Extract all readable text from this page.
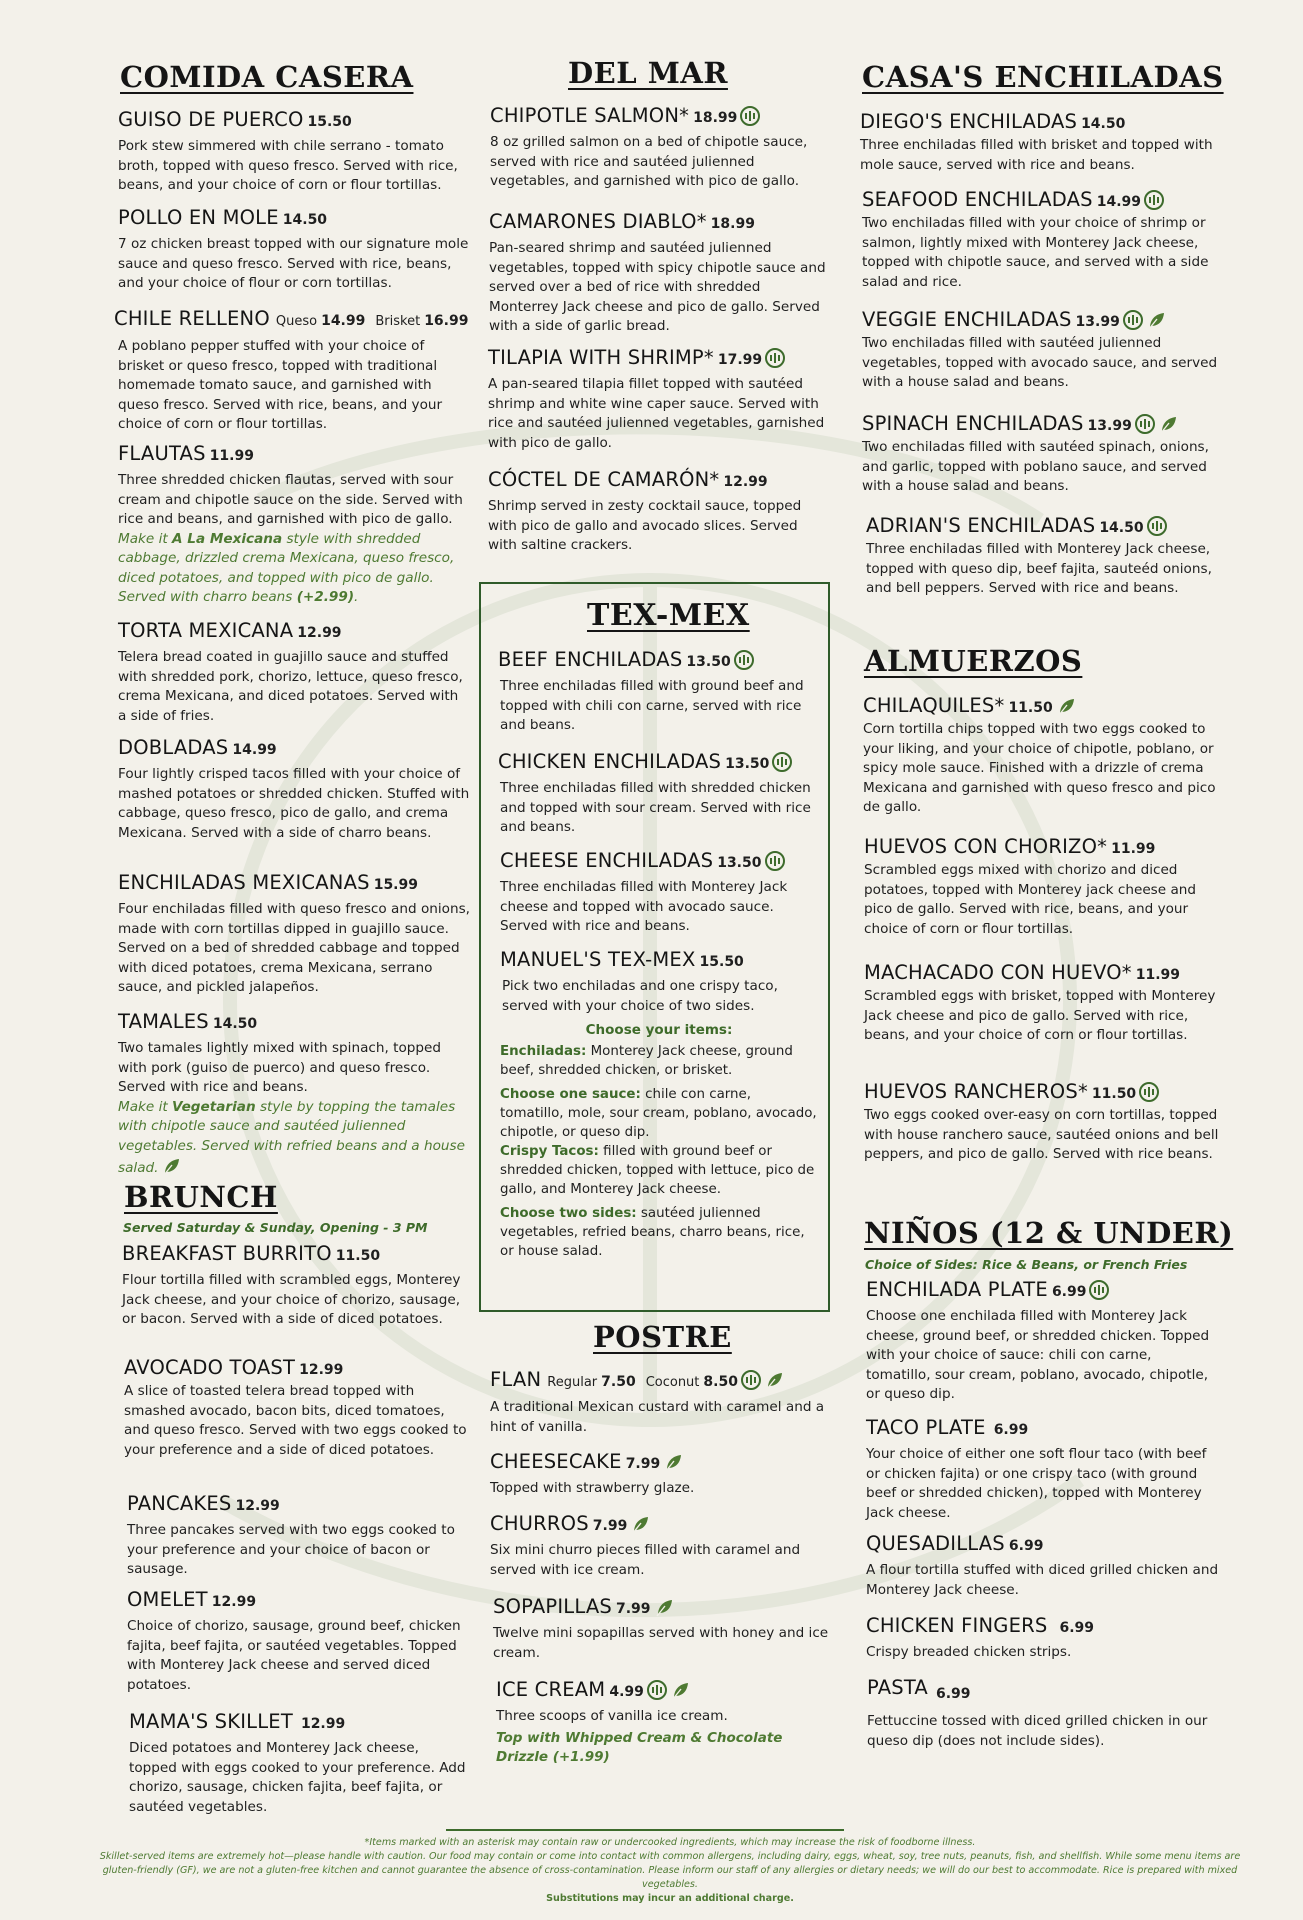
COMIDA CASERA
GUISO DE PUERCO 15.50

Pork stew simmered with chile serrano - tomato broth, topped with queso fresco. Served with rice, beans, and your choice of corn or flour tortillas.

POLLO EN MOLE 14.50

7 oz chicken breast topped with our signature mole sauce and queso fresco. Served with rice, beans, and your choice of flour or corn tortillas.

CHILE RELLENO Queso 14.99 Brisket 16.99

A poblano pepper stuffed with your choice of brisket or queso fresco, topped with traditional homemade tomato sauce, and garnished with queso fresco. Served with rice, beans, and your choice of corn or flour tortillas.

FLAUTAS 11.99

Three shredded chicken flautas, served with sour cream and chipotle sauce on the side. Served with rice and beans, and garnished with pico de gallo.

Make it A La Mexicana style with shredded cabbage, drizzled crema Mexicana, queso fresco, diced potatoes, and topped with pico de gallo. Served with charro beans (+2.99).

TORTA MEXICANA 12.99

Telera bread coated in guajillo sauce and stuffed with shredded pork, chorizo, lettuce, queso fresco, crema Mexicana, and diced potatoes. Served with a side of fries.

DOBLADAS 14.99

Four lightly crisped tacos filled with your choice of mashed potatoes or shredded chicken. Stuffed with cabbage, queso fresco, pico de gallo, and crema Mexicana. Served with a side of charro beans.

ENCHILADAS MEXICANAS 15.99

Four enchiladas filled with queso fresco and onions, made with corn tortillas dipped in guajillo sauce. Served on a bed of shredded cabbage and topped with diced potatoes, crema Mexicana, serrano sauce, and pickled jalapeños.

TAMALES 14.50

Two tamales lightly mixed with spinach, topped with pork (guiso de puerco) and queso fresco. Served with rice and beans.

Make it Vegetarian style by topping the tamales with chipotle sauce and sautéed julienned vegetables. Served with refried beans and a house salad.

BRUNCH
Served Saturday & Sunday, Opening - 3 PM
BREAKFAST BURRITO 11.50

Flour tortilla filled with scrambled eggs, Monterey Jack cheese, and your choice of chorizo, sausage, or bacon. Served with a side of diced potatoes.

AVOCADO TOAST 12.99

A slice of toasted telera bread topped with smashed avocado, bacon bits, diced tomatoes, and queso fresco. Served with two eggs cooked to your preference and a side of diced potatoes.

PANCAKES 12.99

Three pancakes served with two eggs cooked to your preference and your choice of bacon or sausage.

OMELET 12.99

Choice of chorizo, sausage, ground beef, chicken fajita, beef fajita, or sautéed vegetables. Topped with Monterey Jack cheese and served diced potatoes.

MAMA'S SKILLET 12.99

Diced potatoes and Monterey Jack cheese, topped with eggs cooked to your preference. Add chorizo, sausage, chicken fajita, beef fajita, or sautéed vegetables.

DEL MAR
CHIPOTLE SALMON* 18.99

8 oz grilled salmon on a bed of chipotle sauce, served with rice and sautéed julienned vegetables, and garnished with pico de gallo.

CAMARONES DIABLO* 18.99

Pan-seared shrimp and sautéed julienned vegetables, topped with spicy chipotle sauce and served over a bed of rice with shredded Monterrey Jack cheese and pico de gallo. Served with a side of garlic bread.

TILAPIA WITH SHRIMP* 17.99

A pan-seared tilapia fillet topped with sautéed shrimp and white wine caper sauce. Served with rice and sautéed julienned vegetables, garnished with pico de gallo.

CÓCTEL DE CAMARÓN* 12.99

Shrimp served in zesty cocktail sauce, topped with pico de gallo and avocado slices. Served with saltine crackers.

TEX-MEX
BEEF ENCHILADAS 13.50

Three enchiladas filled with ground beef and topped with chili con carne, served with rice and beans.

CHICKEN ENCHILADAS 13.50

Three enchiladas filled with shredded chicken and topped with sour cream. Served with rice and beans.

CHEESE ENCHILADAS 13.50

Three enchiladas filled with Monterey Jack cheese and topped with avocado sauce. Served with rice and beans.

MANUEL'S TEX-MEX 15.50

Pick two enchiladas and one crispy taco, served with your choice of two sides.

Choose your items:

Enchiladas: Monterey Jack cheese, ground beef, shredded chicken, or brisket.

Choose one sauce: chile con carne, tomatillo, mole, sour cream, poblano, avocado, chipotle, or queso dip.

Crispy Tacos: filled with ground beef or shredded chicken, topped with lettuce, pico de gallo, and Monterey Jack cheese.

Choose two sides: sautéed julienned vegetables, refried beans, charro beans, rice, or house salad.

POSTRE
FLAN Regular 7.50 Coconut 8.50

A traditional Mexican custard with caramel and a hint of vanilla.

CHEESECAKE 7.99

Topped with strawberry glaze.

CHURROS 7.99

Six mini churro pieces filled with caramel and served with ice cream.

SOPAPILLAS 7.99

Twelve mini sopapillas served with honey and ice cream.

ICE CREAM 4.99

Three scoops of vanilla ice cream.

Top with Whipped Cream & Chocolate Drizzle (+1.99)

CASA'S ENCHILADAS
DIEGO'S ENCHILADAS 14.50

Three enchiladas filled with brisket and topped with mole sauce, served with rice and beans.

SEAFOOD ENCHILADAS 14.99

Two enchiladas filled with your choice of shrimp or salmon, lightly mixed with Monterey Jack cheese, topped with chipotle sauce, and served with a side salad and rice.

VEGGIE ENCHILADAS 13.99

Two enchiladas filled with sautéed julienned vegetables, topped with avocado sauce, and served with a house salad and beans.

SPINACH ENCHILADAS 13.99

Two enchiladas filled with sautéed spinach, onions, and garlic, topped with poblano sauce, and served with a house salad and beans.

ADRIAN'S ENCHILADAS 14.50

Three enchiladas filled with Monterey Jack cheese, topped with queso dip, beef fajita, sauteéd onions, and bell peppers. Served with rice and beans.

ALMUERZOS
CHILAQUILES* 11.50

Corn tortilla chips topped with two eggs cooked to your liking, and your choice of chipotle, poblano, or spicy mole sauce. Finished with a drizzle of crema Mexicana and garnished with queso fresco and pico de gallo.

HUEVOS CON CHORIZO* 11.99

Scrambled eggs mixed with chorizo and diced potatoes, topped with Monterey jack cheese and pico de gallo. Served with rice, beans, and your choice of corn or flour tortillas.

MACHACADO CON HUEVO* 11.99

Scrambled eggs with brisket, topped with Monterey Jack cheese and pico de gallo. Served with rice, beans, and your choice of corn or flour tortillas.

HUEVOS RANCHEROS* 11.50

Two eggs cooked over-easy on corn tortillas, topped with house ranchero sauce, sautéed onions and bell peppers, and pico de gallo. Served with rice beans.

NIÑOS (12 & UNDER)
Choice of Sides: Rice & Beans, or French Fries
ENCHILADA PLATE 6.99

Choose one enchilada filled with Monterey Jack cheese, ground beef, or shredded chicken. Topped with your choice of sauce: chili con carne, tomatillo, sour cream, poblano, avocado, chipotle, or queso dip.

TACO PLATE 6.99

Your choice of either one soft flour taco (with beef or chicken fajita) or one crispy taco (with ground beef or shredded chicken), topped with Monterey Jack cheese.

QUESADILLAS 6.99

A flour tortilla stuffed with diced grilled chicken and Monterey Jack cheese.

CHICKEN FINGERS 6.99

Crispy breaded chicken strips.

PASTA 6.99

Fettuccine tossed with diced grilled chicken in our queso dip (does not include sides).

*Items marked with an asterisk may contain raw or undercooked ingredients, which may increase the risk of foodborne illness.

Skillet-served items are extremely hot—please handle with caution. Our food may contain or come into contact with common allergens, including dairy, eggs, wheat, soy, tree nuts, peanuts, fish, and shellfish. While some menu items are gluten-friendly (GF), we are not a gluten-free kitchen and cannot guarantee the absence of cross-contamination. Please inform our staff of any allergies or dietary needs; we will do our best to accommodate. Rice is prepared with mixed vegetables.

Substitutions may incur an additional charge.
